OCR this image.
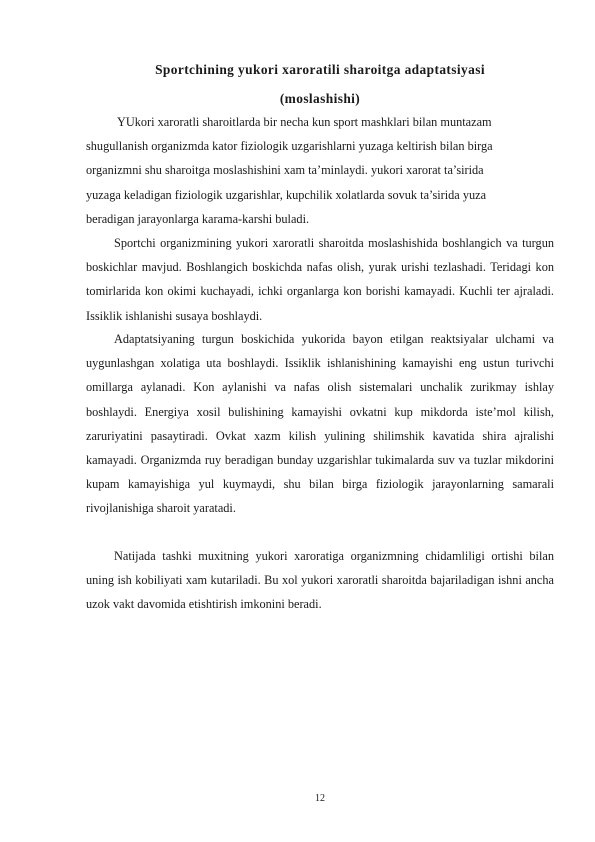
Sportchining yukori xaroratili sharoitga adaptatsiyasi
(moslashishi)
YUkori xaroratli sharoitlarda bir necha kun sport mashklari bilan muntazam
shugullanish organizmda kator fiziologik uzgarishlarni yuzaga keltirish bilan birga
organizmni shu sharoitga moslashishini xam ta’minlaydi. yukori xarorat ta’sirida
yuzaga keladigan fiziologik uzgarishlar, kupchilik xolatlarda sovuk ta’sirida yuza
beradigan jarayonlarga karama-karshi buladi.

Sportchi organizmining yukori xaroratli sharoitda moslashishida boshlangich va turgun boskichlar mavjud. Boshlangich boskichda nafas olish, yurak urishi tezlashadi. Teridagi kon tomirlarida kon okimi kuchayadi, ichki organlarga kon borishi kamayadi. Kuchli ter ajraladi. Issiklik ishlanishi susaya boshlaydi.

Adaptatsiyaning turgun boskichida yukorida bayon etilgan reaktsiyalar ulchami va uygunlashgan xolatiga uta boshlaydi. Issiklik ishlanishining kamayishi eng ustun turivchi omillarga aylanadi. Kon aylanishi va nafas olish sistemalari unchalik zurikmay ishlay boshlaydi. Energiya xosil bulishining kamayishi ovkatni kup mikdorda iste’mol kilish, zaruriyatini pasaytiradi. Ovkat xazm kilish yulining shilimshik kavatida shira ajralishi kamayadi. Organizmda ruy beradigan bunday uzgarishlar tukimalarda suv va tuzlar mikdorini kupam kamayishiga yul kuymaydi, shu bilan birga fiziologik jarayonlarning samarali rivojlanishiga sharoit yaratadi.

Natijada tashki muxitning yukori xaroratiga organizmning chidamliligi ortishi bilan uning ish kobiliyati xam kutariladi. Bu xol yukori xaroratli sharoitda bajariladigan ishni ancha uzok vakt davomida etishtirish imkonini beradi.

12
